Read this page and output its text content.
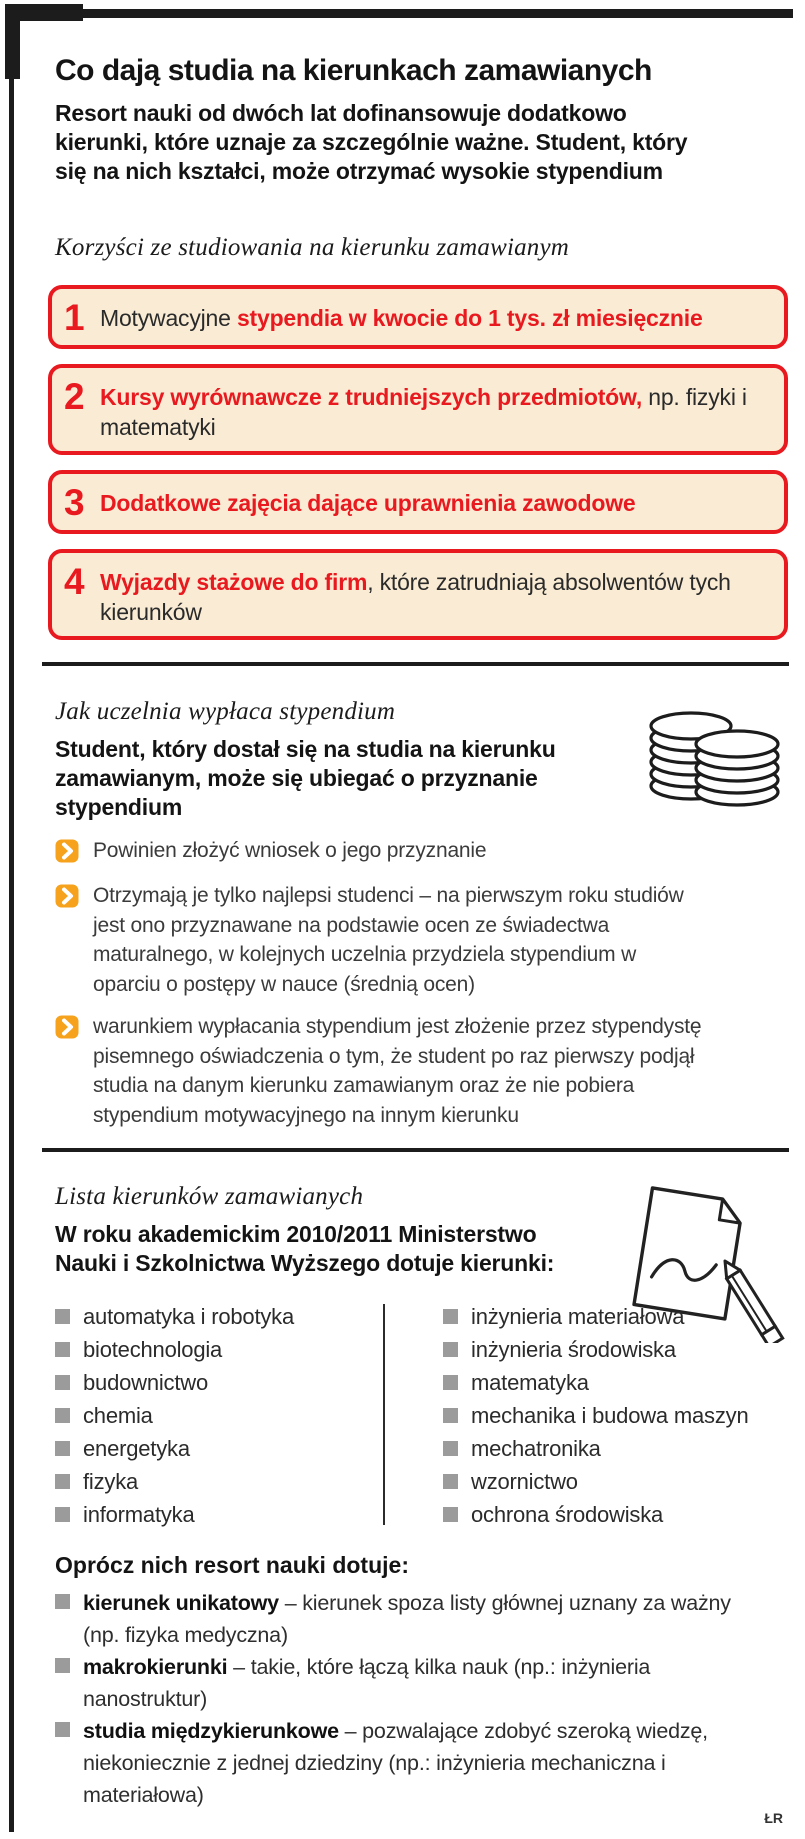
Co dają studia na kierunkach zamawianych
Resort nauki od dwóch lat dofinansowuje dodatkowo kierunki, które uznaje za szczególnie ważne. Student, który się na nich kształci, może otrzymać wysokie stypendium
Korzyści ze studiowania na kierunku zamawianym
1 Motywacyjne stypendia w kwocie do 1 tys. zł miesięcznie
2 Kursy wyrównawcze z trudniejszych przedmiotów, np. fizyki i matematyki
3 Dodatkowe zajęcia dające uprawnienia zawodowe
4 Wyjazdy stażowe do firm, które zatrudniają absolwentów tych kierunków
Jak uczelnia wypłaca stypendium
Student, który dostał się na studia na kierunku zamawianym, może się ubiegać o przyznanie stypendium
Powinien złożyć wniosek o jego przyznanie
Otrzymają je tylko najlepsi studenci – na pierwszym roku studiów jest ono przyznawane na podstawie ocen ze świadectwa maturalnego, w kolejnych uczelnia przydziela stypendium w oparciu o postępy w nauce (średnią ocen)
warunkiem wypłacania stypendium jest złożenie przez stypendystę pisemnego oświadczenia o tym, że student po raz pierwszy podjął studia na danym kierunku zamawianym oraz że nie pobiera stypendium motywacyjnego na innym kierunku
Lista kierunków zamawianych
W roku akademickim 2010/2011 Ministerstwo Nauki i Szkolnictwa Wyższego dotuje kierunki:
automatyka i robotyka
biotechnologia
budownictwo
chemia
energetyka
fizyka
informatyka
inżynieria materiałowa
inżynieria środowiska
matematyka
mechanika i budowa maszyn
mechatronika
wzornictwo
ochrona środowiska
Oprócz nich resort nauki dotuje:
kierunek unikatowy – kierunek spoza listy głównej uznany za ważny (np. fizyka medyczna)
makrokierunki – takie, które łączą kilka nauk (np.: inżynieria nanostruktur)
studia międzykierunkowe – pozwalające zdobyć szeroką wiedzę, niekoniecznie z jednej dziedziny (np.: inżynieria mechaniczna i materiałowa)
ŁR
